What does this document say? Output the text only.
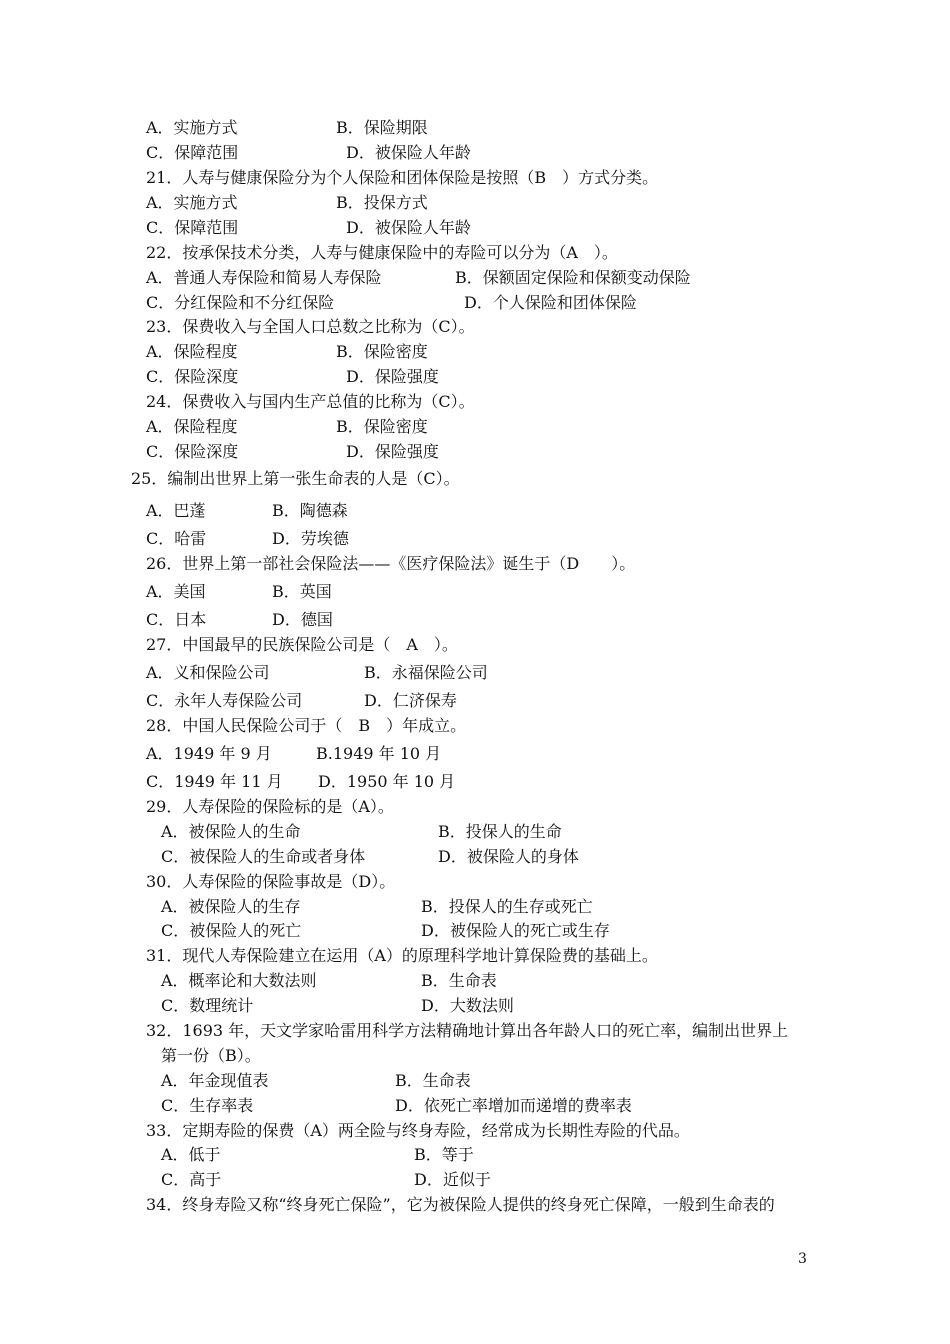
A．实施方式	B．保险期限
C．保障范围	D．被保险人年龄
21．人寿与健康保险分为个人保险和团体保险是按照（B　）方式分类。
A．实施方式	B．投保方式
C．保障范围	D．被保险人年龄
22．按承保技术分类，人寿与健康保险中的寿险可以分为（A　）。
A．普通人寿保险和简易人寿保险	B．保额固定保险和保额变动保险
C．分红保险和不分红保险	D．个人保险和团体保险
23．保费收入与全国人口总数之比称为（C）。
A．保险程度	B．保险密度
C．保险深度	D．保险强度
24．保费收入与国内生产总值的比称为（C）。
A．保险程度	B．保险密度
C．保险深度	D．保险强度
25．编制出世界上第一张生命表的人是（C）。
A．巴蓬	B．陶德森
C．哈雷	D．劳埃德
26．世界上第一部社会保险法——《医疗保险法》诞生于（D　　）。
A．美国	B．英国
C．日本	D．德国
27．中国最早的民族保险公司是（　A　）。
A．义和保险公司	B．永福保险公司
C．永年人寿保险公司	D．仁济保寿
28．中国人民保险公司于（　B　）年成立。
A．1949 年 9 月	B.1949 年 10 月
C．1949 年 11 月 D．1950 年 10 月
29．人寿保险的保险标的是（A）。
A．被保险人的生命	B．投保人的生命
C．被保险人的生命或者身体	D．被保险人的身体
30．人寿保险的保险事故是（D）。
A．被保险人的生存	B．投保人的生存或死亡
C．被保险人的死亡	D．被保险人的死亡或生存
31．现代人寿保险建立在运用（A）的原理科学地计算保险费的基础上。
A．概率论和大数法则	B．生命表
C．数理统计	D．大数法则
32．1693 年，天文学家哈雷用科学方法精确地计算出各年龄人口的死亡率，编制出世界上
第一份（B）。
A．年金现值表	B．生命表
C．生存率表	D．依死亡率增加而递增的费率表
33．定期寿险的保费（A）两全险与终身寿险，经常成为长期性寿险的代品。
A．低于	B．等于
C．高于	D．近似于
34．终身寿险又称“终身死亡保险”，它为被保险人提供的终身死亡保障，一般到生命表的
3
